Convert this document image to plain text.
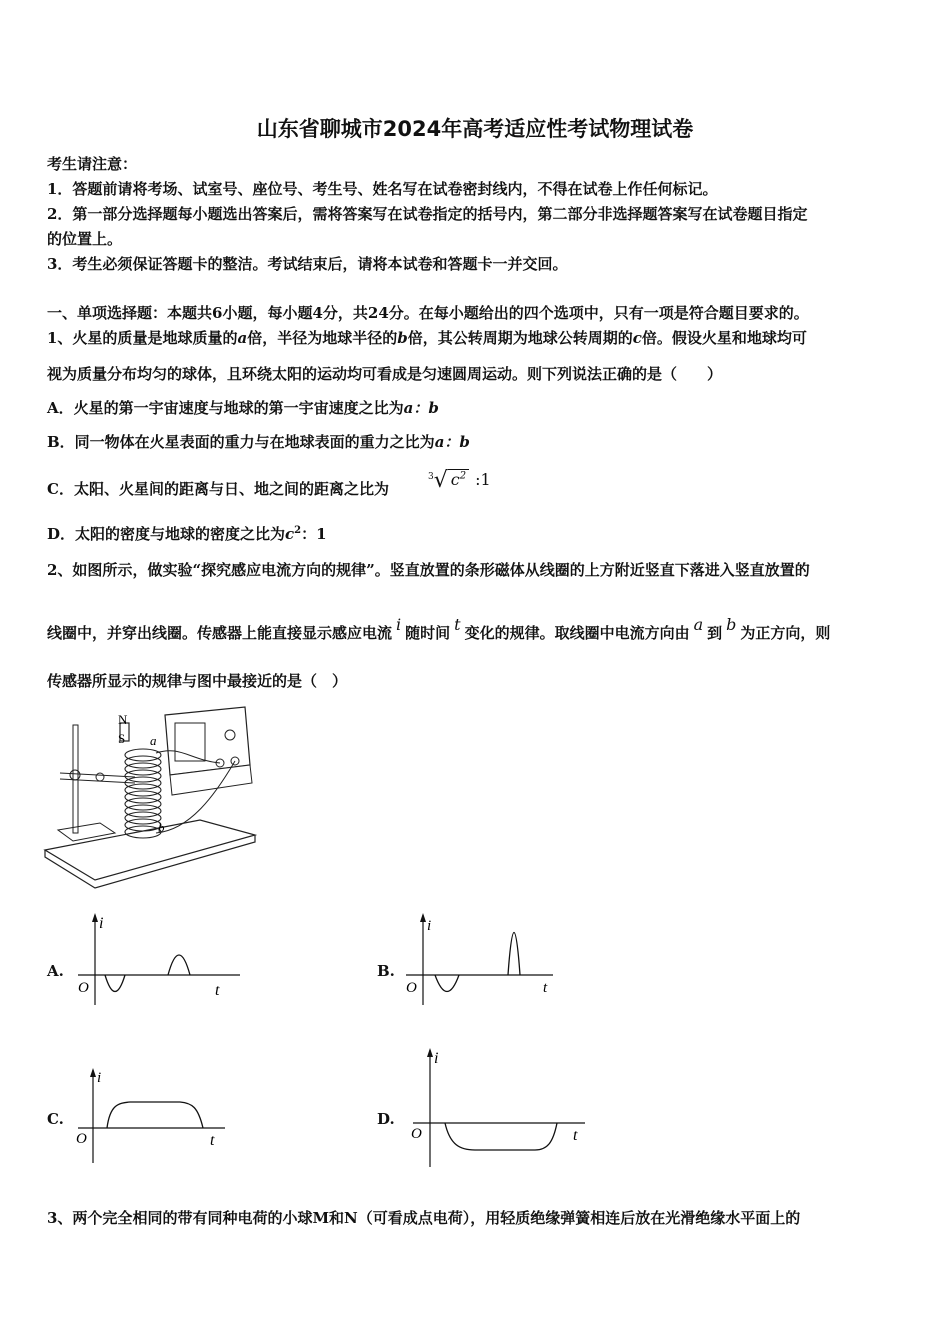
山东省聊城市2024年高考适应性考试物理试卷
考生请注意：
1．答题前请将考场、试室号、座位号、考生号、姓名写在试卷密封线内，不得在试卷上作任何标记。
2．第一部分选择题每小题选出答案后，需将答案写在试卷指定的括号内，第二部分非选择题答案写在试卷题目指定
的位置上。
3．考生必须保证答题卡的整洁。考试结束后，请将本试卷和答题卡一并交回。
一、单项选择题：本题共6小题，每小题4分，共24分。在每小题给出的四个选项中，只有一项是符合题目要求的。
1、火星的质量是地球质量的a倍，半径为地球半径的b倍，其公转周期为地球公转周期的c倍。假设火星和地球均可
视为质量分布均匀的球体，且环绕太阳的运动均可看成是匀速圆周运动。则下列说法正确的是（　　）
A．火星的第一宇宙速度与地球的第一宇宙速度之比为a：b
B．同一物体在火星表面的重力与在地球表面的重力之比为a：b
C．太阳、火星间的距离与日、地之间的距离之比为
$^3$√ $c^2$ :1
D．太阳的密度与地球的密度之比为$c^2$：1
2、如图所示，做实验“探究感应电流方向的规律”。竖直放置的条形磁体从线圈的上方附近竖直下落进入竖直放置的
线圈中，并穿出线圈。传感器上能直接显示感应电流 i 随时间 t 变化的规律。取线圈中电流方向由 a 到 b 为正方向，则
传感器所显示的规律与图中最接近的是（　）
N
S a
b
A.
i
t
O
B.
i
t
O
C.
i
t
O
D.
i
t
O
3、两个完全相同的带有同种电荷的小球M和N（可看成点电荷），用轻质绝缘弹簧相连后放在光滑绝缘水平面上的
